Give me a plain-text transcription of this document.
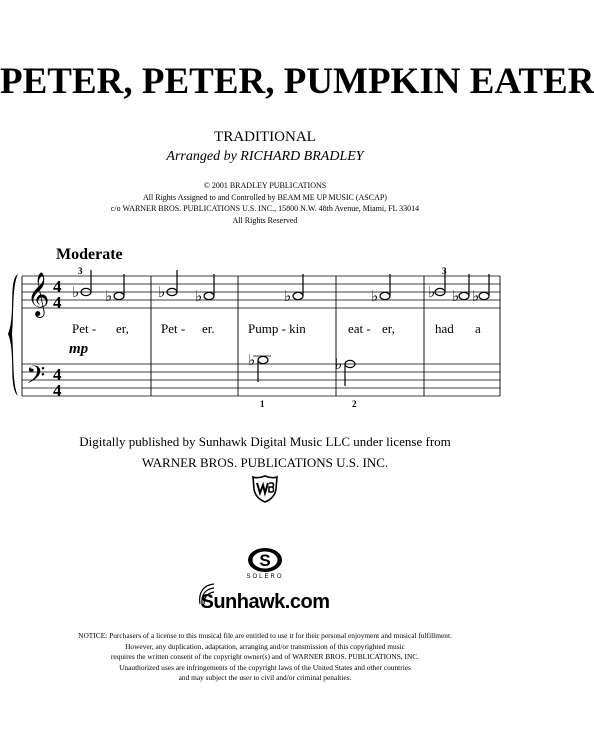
PETER, PETER, PUMPKIN EATER
TRADITIONAL
Arranged by RICHARD BRADLEY
© 2001 BRADLEY PUBLICATIONS
All Rights Assigned to and Controlled by BEAM ME UP MUSIC (ASCAP)
c/o WARNER BROS. PUBLICATIONS U.S. INC., 15800 N.W. 48th Avenue, Miami, FL 33014
All Rights Reserved
Moderate
𝄞
𝄢
4
4
4
4
3	3
♭ ♭	♭ ♭	♭	♭	♭ ♭ ♭
♭	♭
1	2
Pet - er, Pet - er.	Pump - kin	eat - er,	had a
mp
Digitally published by Sunhawk Digital Music LLC under license from
WARNER BROS. PUBLICATIONS U.S. INC.
S
SOLERO
Sunhawk.com
NOTICE: Purchasers of a license to this musical file are entitled to use it for their personal enjoyment and musical fulfillment.
However, any duplication, adaptation, arranging and/or transmission of this copyrighted music
requires the written consent of the copyright owner(s) and of WARNER BROS. PUBLICATIONS, INC.
Unauthorized uses are infringements of the copyright laws of the United States and other countries
and may subject the user to civil and/or criminal penalties.
